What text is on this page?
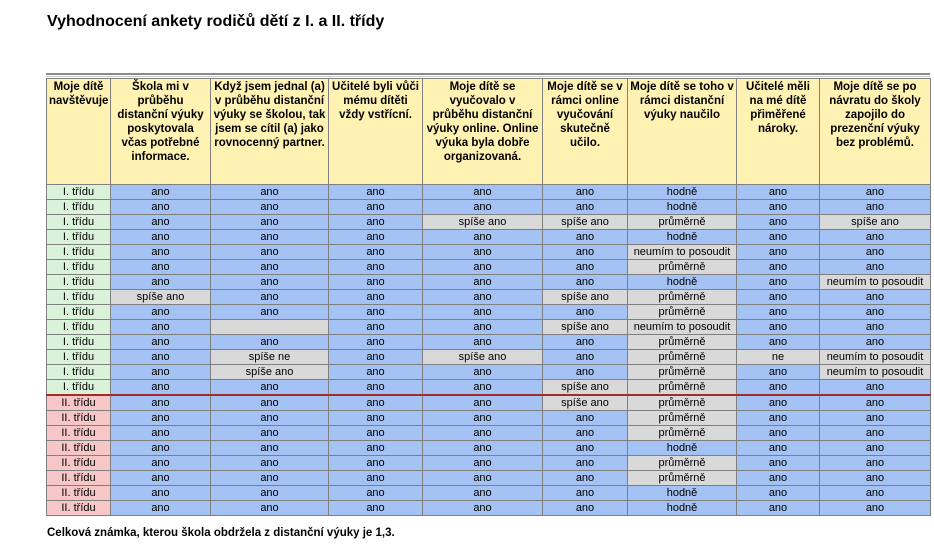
Vyhodnocení ankety rodičů dětí z I. a II. třídy
Moje dítě navštěvuje	Škola mi v průběhu distanční výuky poskytovala včas potřebné informace.	Když jsem jednal (a) v průběhu distanční výuky se školou, tak jsem se cítil (a) jako rovnocenný partner.	Učitelé byli vůči mému dítěti vždy vstřícní.	Moje dítě se vyučovalo v průběhu distanční výuky online. Online výuka byla dobře organizovaná.	Moje dítě se v rámci online vyučování skutečně učilo.	Moje dítě se toho v rámci distanční výuky naučilo	Učitelé měli na mé dítě přiměřené nároky.	Moje dítě se po návratu do školy zapojilo do prezenční výuky bez problémů.
I. třídu	ano	ano	ano	ano	ano	hodně	ano	ano
I. třídu	ano	ano	ano	ano	ano	hodně	ano	ano
I. třídu	ano	ano	ano	spíše ano	spíše ano	průměrně	ano	spíše ano
I. třídu	ano	ano	ano	ano	ano	hodně	ano	ano
I. třídu	ano	ano	ano	ano	ano	neumím to posoudit	ano	ano
I. třídu	ano	ano	ano	ano	ano	průměrně	ano	ano
I. třídu	ano	ano	ano	ano	ano	hodně	ano	neumím to posoudit
I. třídu	spíše ano	ano	ano	ano	spíše ano	průměrně	ano	ano
I. třídu	ano	ano	ano	ano	ano	průměrně	ano	ano
I. třídu	ano		ano	ano	spíše ano	neumím to posoudit	ano	ano
I. třídu	ano	ano	ano	ano	ano	průměrně	ano	ano
I. třídu	ano	spíše ne	ano	spíše ano	ano	průměrně	ne	neumím to posoudit
I. třídu	ano	spíše ano	ano	ano	ano	průměrně	ano	neumím to posoudit
I. třídu	ano	ano	ano	ano	spíše ano	průměrně	ano	ano
II. třídu	ano	ano	ano	ano	spíše ano	průměrně	ano	ano
II. třídu	ano	ano	ano	ano	ano	průměrně	ano	ano
II. třídu	ano	ano	ano	ano	ano	průměrně	ano	ano
II. třídu	ano	ano	ano	ano	ano	hodně	ano	ano
II. třídu	ano	ano	ano	ano	ano	průměrně	ano	ano
II. třídu	ano	ano	ano	ano	ano	průměrně	ano	ano
II. třídu	ano	ano	ano	ano	ano	hodně	ano	ano
II. třídu	ano	ano	ano	ano	ano	hodně	ano	ano
Celková známka, kterou škola obdržela z distanční výuky je 1,3.
